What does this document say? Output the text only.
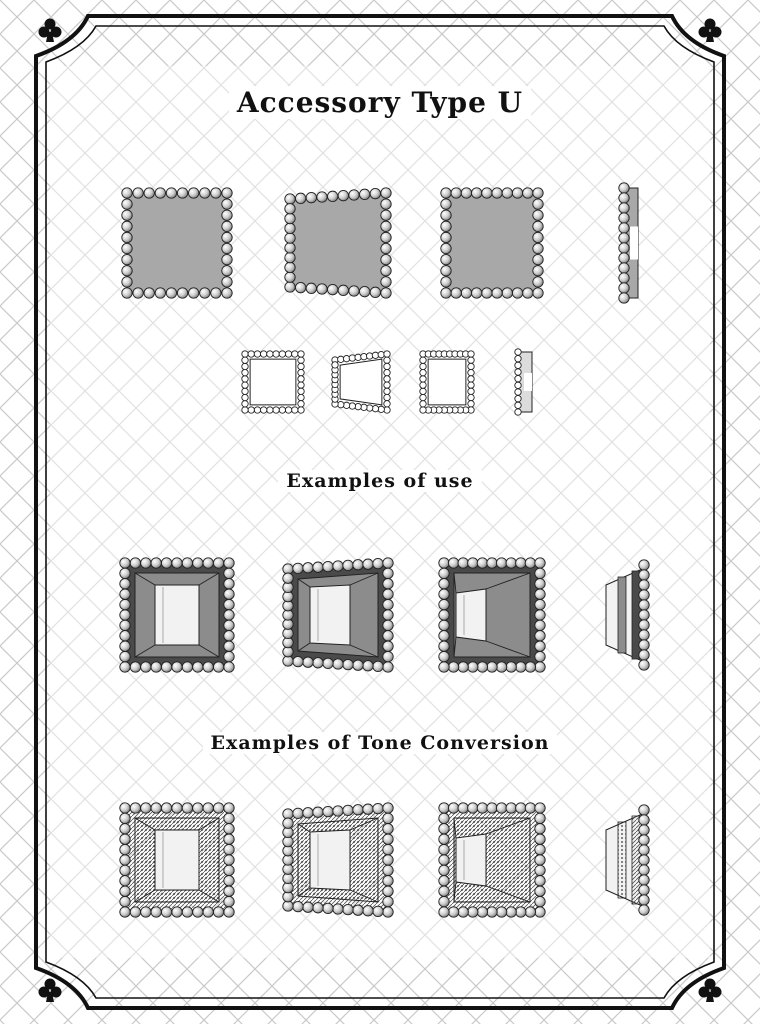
Accessory Type U
Examples of use
Examples of Tone Conversion
